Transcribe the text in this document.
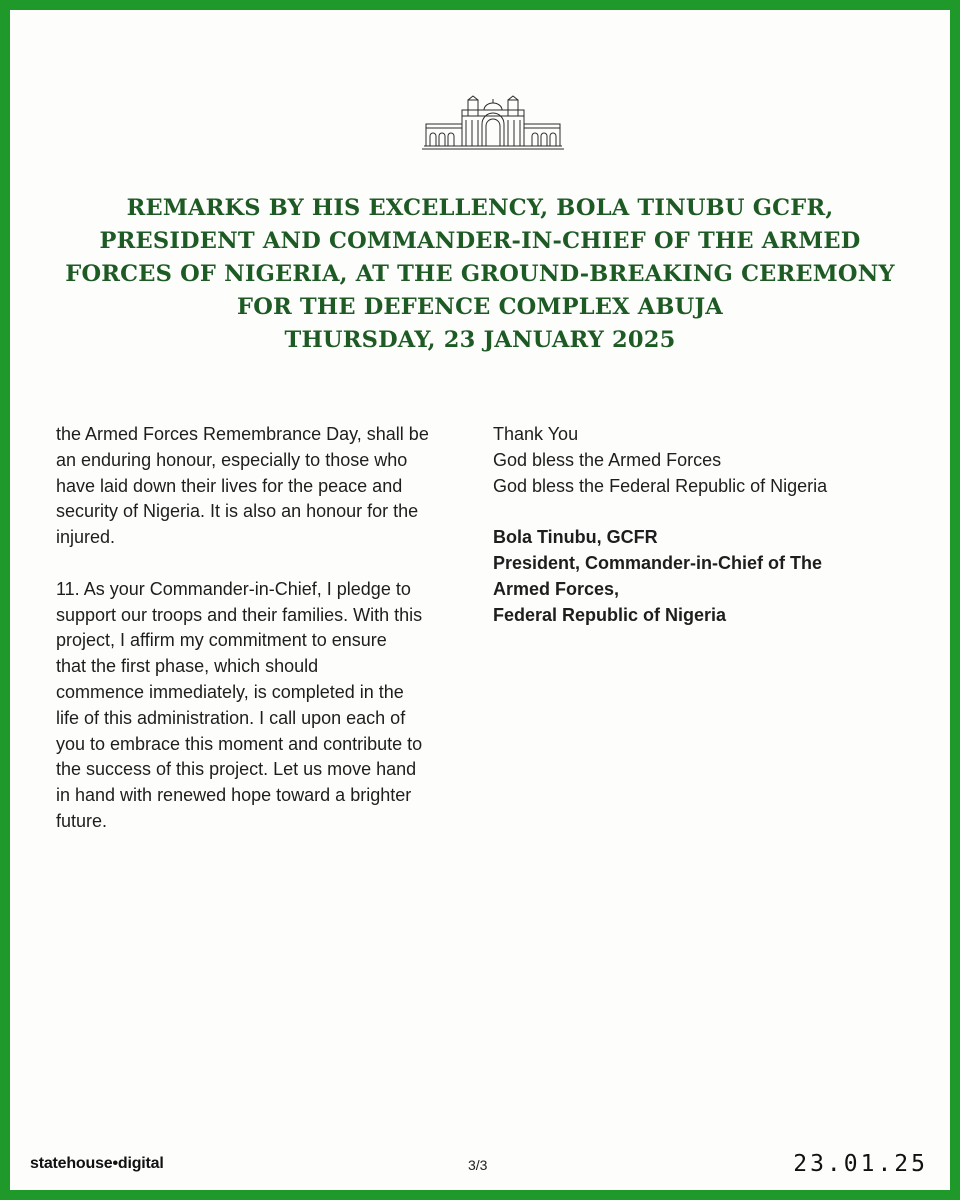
REMARKS BY HIS EXCELLENCY, BOLA TINUBU GCFR,
PRESIDENT AND COMMANDER-IN-CHIEF OF THE ARMED
FORCES OF NIGERIA, AT THE GROUND-BREAKING CEREMONY
FOR THE DEFENCE COMPLEX ABUJA
THURSDAY, 23 JANUARY 2025

the Armed Forces Remembrance Day, shall be

an enduring honour, especially to those who

have laid down their lives for the peace and

security of Nigeria. It is also an honour for the

injured.

11. As your Commander-in-Chief, I pledge to

support our troops and their families. With this

project, I affirm my commitment to ensure

that the first phase, which should

commence immediately, is completed in the

life of this administration. I call upon each of

you to embrace this moment and contribute to

the success of this project. Let us move hand

in hand with renewed hope toward a brighter

future.

Thank You

God bless the Armed Forces

God bless the Federal Republic of Nigeria

Bola Tinubu, GCFR

President, Commander-in-Chief of The

Armed Forces,

Federal Republic of Nigeria

statehouse•digital	3/3	23.01.25
